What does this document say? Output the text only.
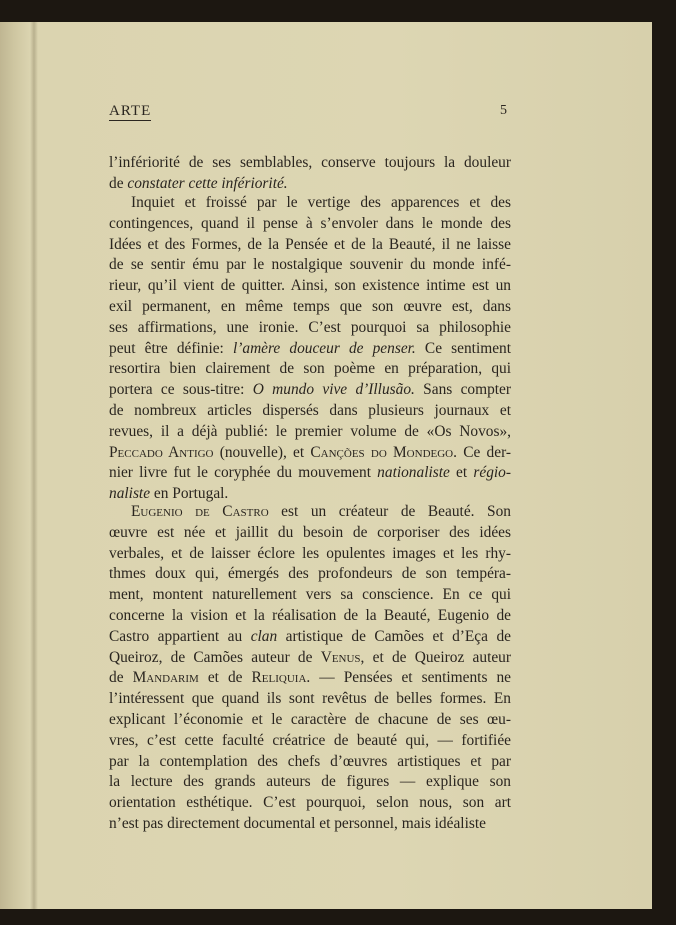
ARTE	5
l’infériorité de ses semblables, conserve toujours la douleur
de constater cette infériorité.
Inquiet et froissé par le vertige des apparences et des
contingences, quand il pense à s’envoler dans le monde des
Idées et des Formes, de la Pensée et de la Beauté, il ne laisse
de se sentir ému par le nostalgique souvenir du monde infé-
rieur, qu’il vient de quitter. Ainsi, son existence intime est un
exil permanent, en même temps que son œuvre est, dans
ses affirmations, une ironie. C’est pourquoi sa philosophie
peut être définie: l’amère douceur de penser. Ce sentiment
resortira bien clairement de son poème en préparation, qui
portera ce sous-titre: O mundo vive d’Illusão. Sans compter
de nombreux articles dispersés dans plusieurs journaux et
revues, il a déjà publié: le premier volume de «Os Novos»,
Peccado Antigo (nouvelle), et Canções do Mondego. Ce der-
nier livre fut le coryphée du mouvement nationaliste et régio-
naliste en Portugal.
Eugenio de Castro est un créateur de Beauté. Son
œuvre est née et jaillit du besoin de corporiser des idées
verbales, et de laisser éclore les opulentes images et les rhy-
thmes doux qui, émergés des profondeurs de son tempéra-
ment, montent naturellement vers sa conscience. En ce qui
concerne la vision et la réalisation de la Beauté, Eugenio de
Castro appartient au clan artistique de Camões et d’Eça de
Queiroz, de Camões auteur de Venus, et de Queiroz auteur
de Mandarim et de Reliquia. — Pensées et sentiments ne
l’intéressent que quand ils sont revêtus de belles formes. En
explicant l’économie et le caractère de chacune de ses œu-
vres, c’est cette faculté créatrice de beauté qui, — fortifiée
par la contemplation des chefs d’œuvres artistiques et par
la lecture des grands auteurs de figures — explique son
orientation esthétique. C’est pourquoi, selon nous, son art
n’est pas directement documental et personnel, mais idéaliste
